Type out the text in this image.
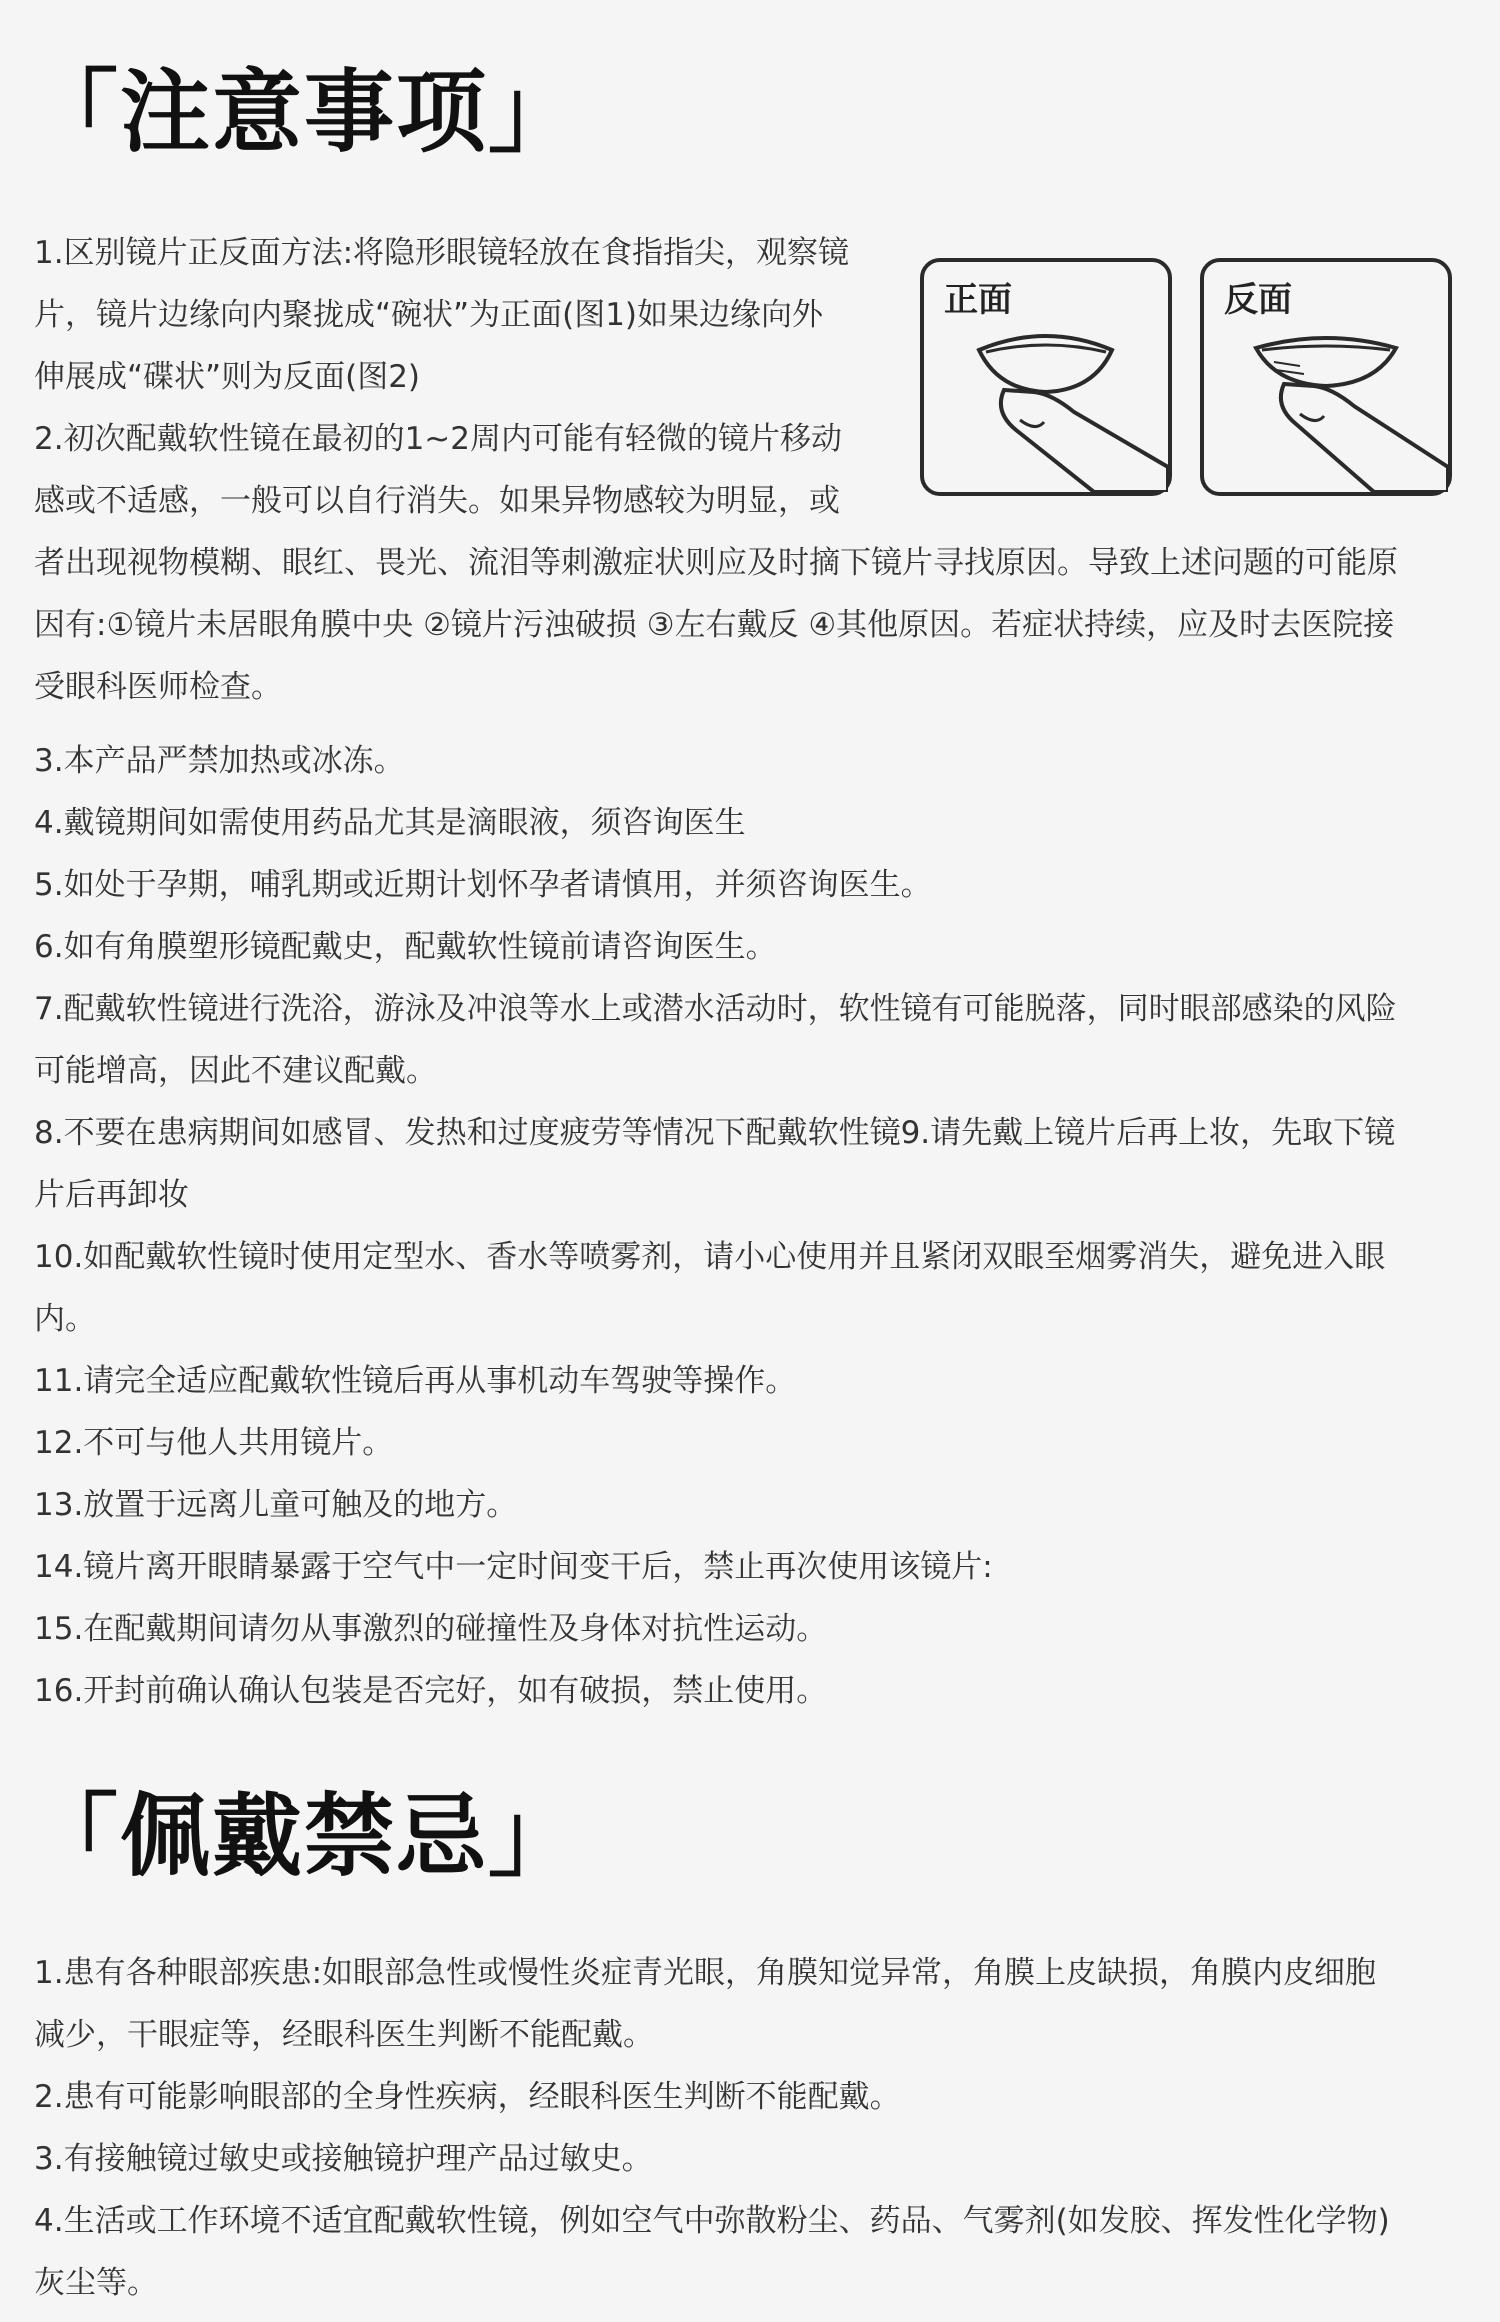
「注意事项」
1.区别镜片正反面方法:将隐形眼镜轻放在食指指尖，观察镜
片，镜片边缘向内聚拢成“碗状”为正面(图1)如果边缘向外
伸展成“碟状”则为反面(图2)
2.初次配戴软性镜在最初的1~2周内可能有轻微的镜片移动
感或不适感，一般可以自行消失。如果异物感较为明显，或
者出现视物模糊、眼红、畏光、流泪等刺激症状则应及时摘下镜片寻找原因。导致上述问题的可能原
因有:①镜片未居眼角膜中央 ②镜片污浊破损 ③左右戴反 ④其他原因。若症状持续，应及时去医院接
受眼科医师检查。
3.本产品严禁加热或冰冻。
4.戴镜期间如需使用药品尤其是滴眼液，须咨询医生
5.如处于孕期，哺乳期或近期计划怀孕者请慎用，并须咨询医生。
6.如有角膜塑形镜配戴史，配戴软性镜前请咨询医生。
7.配戴软性镜进行洗浴，游泳及冲浪等水上或潜水活动时，软性镜有可能脱落，同时眼部感染的风险
可能增高，因此不建议配戴。
8.不要在患病期间如感冒、发热和过度疲劳等情况下配戴软性镜9.请先戴上镜片后再上妆，先取下镜
片后再卸妆
10.如配戴软性镜时使用定型水、香水等喷雾剂，请小心使用并且紧闭双眼至烟雾消失，避免进入眼
内。
11.请完全适应配戴软性镜后再从事机动车驾驶等操作。
12.不可与他人共用镜片。
13.放置于远离儿童可触及的地方。
14.镜片离开眼睛暴露于空气中一定时间变干后，禁止再次使用该镜片:
15.在配戴期间请勿从事激烈的碰撞性及身体对抗性运动。
16.开封前确认确认包装是否完好，如有破损，禁止使用。
正面	反面
「佩戴禁忌」
1.患有各种眼部疾患:如眼部急性或慢性炎症青光眼，角膜知觉异常，角膜上皮缺损，角膜内皮细胞
减少，干眼症等，经眼科医生判断不能配戴。
2.患有可能影响眼部的全身性疾病，经眼科医生判断不能配戴。
3.有接触镜过敏史或接触镜护理产品过敏史。
4.生活或工作环境不适宜配戴软性镜，例如空气中弥散粉尘、药品、气雾剂(如发胶、挥发性化学物)
灰尘等。
